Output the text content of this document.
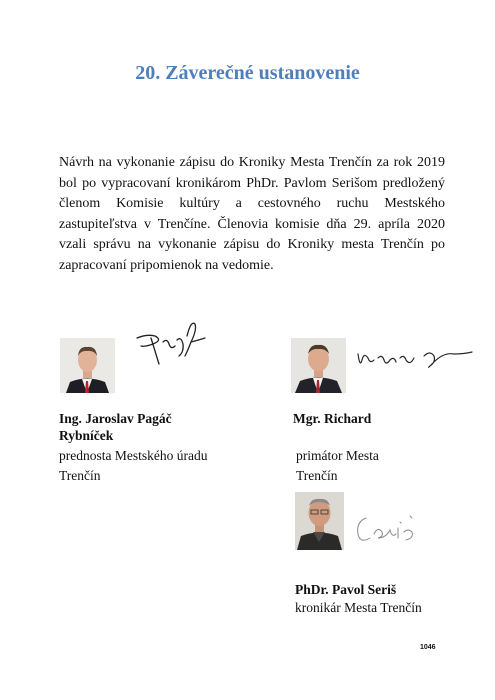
20. Záverečné ustanovenie
Návrh na vykonanie zápisu do Kroniky Mesta Trenčín za rok 2019 bol po vypracovaní kronikárom PhDr. Pavlom Serišom predložený členom Komisie kultúry a cestovného ruchu Mestského zastupiteľstva v Trenčíne. Členovia komisie dňa 29. apríla 2020 vzali správu na vykonanie zápisu do Kroniky mesta Trenčín po zapracovaní pripomienok na vedomie.
Ing. Jaroslav Pagáč
Rybníček
prednosta Mestského úradu
Trenčín
Mgr. Richard
primátor Mesta
Trenčín
PhDr. Pavol Seriš
kronikár Mesta Trenčín
1046
